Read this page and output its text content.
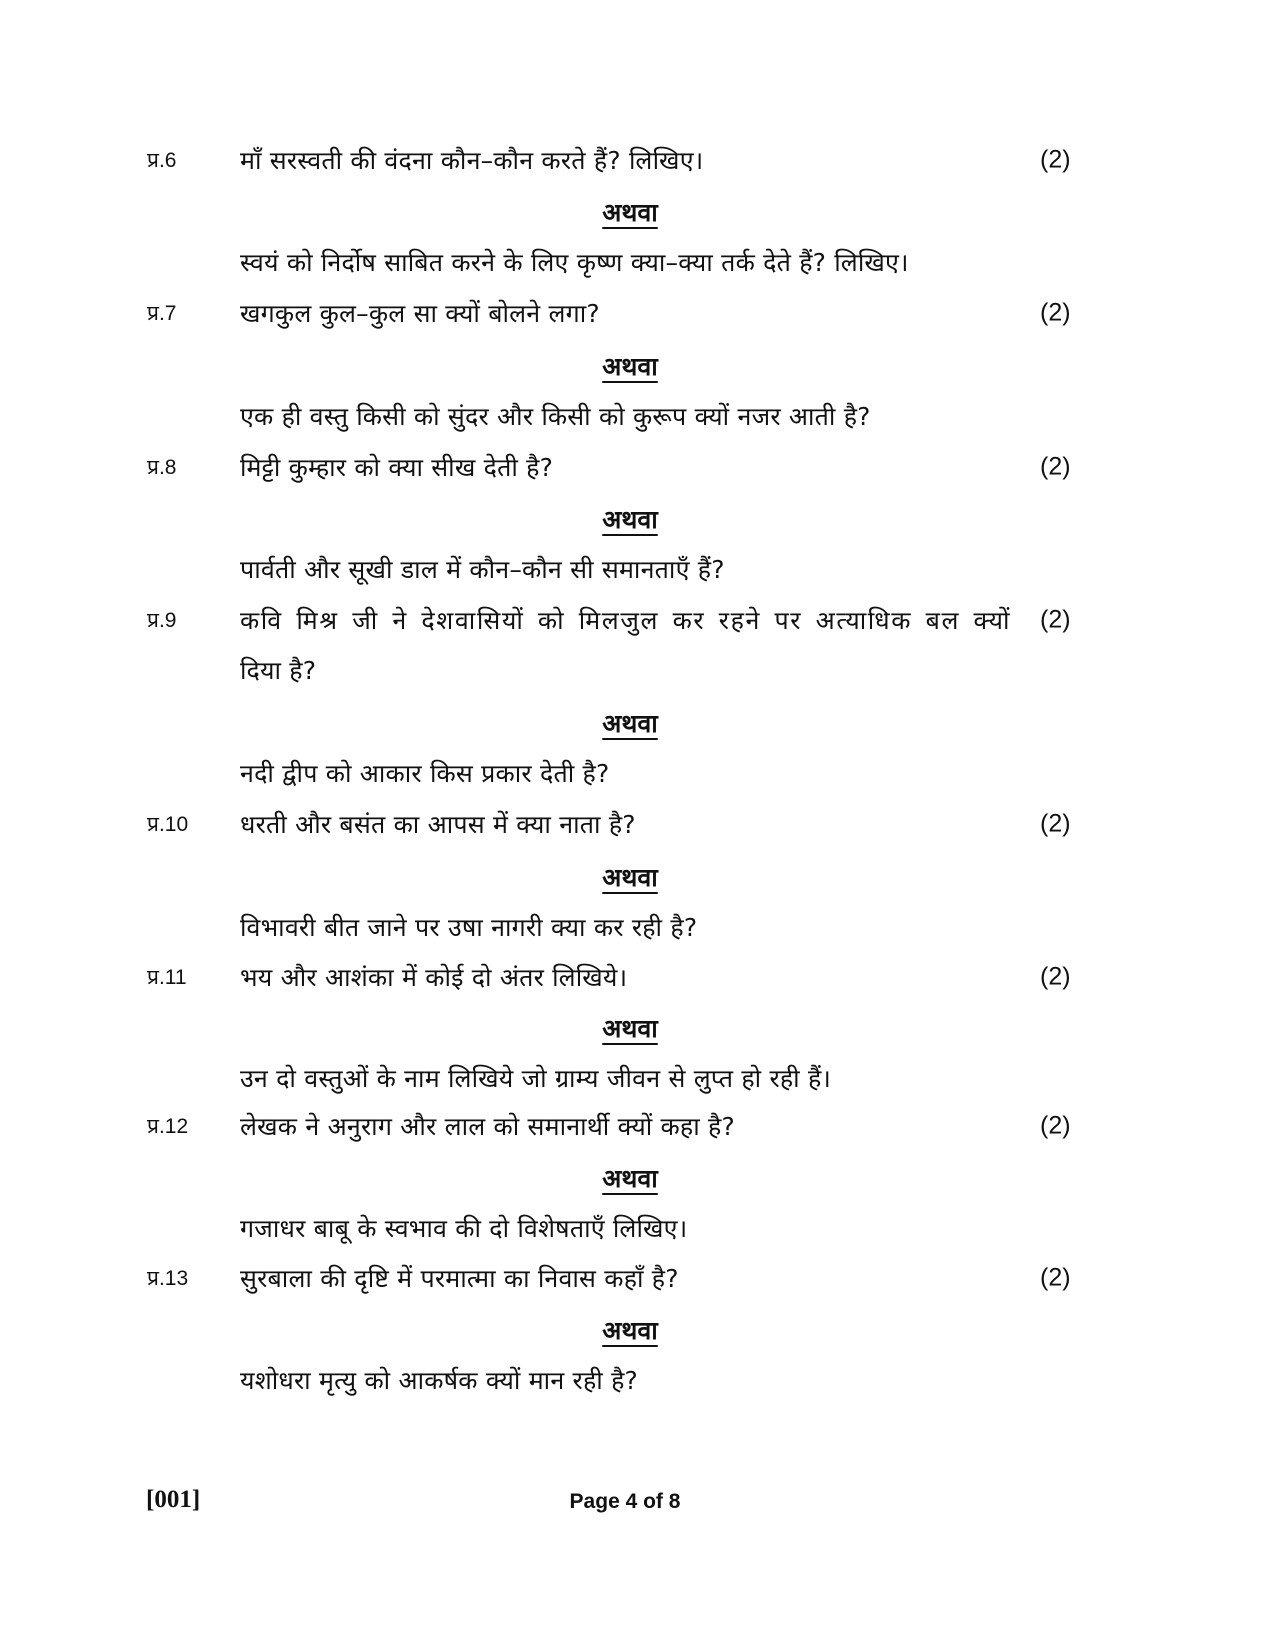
प्र.6	माँ सरस्वती की वंदना कौन–कौन करते हैं? लिखिए।	(2)
अथवा
स्वयं को निर्दोष साबित करने के लिए कृष्ण क्या–क्या तर्क देते हैं? लिखिए।
प्र.7	खगकुल कुल–कुल सा क्यों बोलने लगा?	(2)
अथवा
एक ही वस्तु किसी को सुंदर और किसी को कुरूप क्यों नजर आती है?
प्र.8	मिट्टी कुम्हार को क्या सीख देती है?	(2)
अथवा
पार्वती और सूखी डाल में कौन–कौन सी समानताएँ हैं?
प्र.9	कवि मिश्र जी ने देशवासियों को मिलजुल कर रहने पर अत्याधिक बल क्यों (2)
दिया है?
अथवा
नदी द्वीप को आकार किस प्रकार देती है?
प्र.10 धरती और बसंत का आपस में क्या नाता है?	(2)
अथवा
विभावरी बीत जाने पर उषा नागरी क्या कर रही है?
प्र.11 भय और आशंका में कोई दो अंतर लिखिये।	(2)
अथवा
उन दो वस्तुओं के नाम लिखिये जो ग्राम्य जीवन से लुप्त हो रही हैं।
प्र.12 लेखक ने अनुराग और लाल को समानार्थी क्यों कहा है?	(2)
अथवा
गजाधर बाबू के स्वभाव की दो विशेषताएँ लिखिए।
प्र.13 सुरबाला की दृष्टि में परमात्मा का निवास कहाँ है?	(2)
अथवा
यशोधरा मृत्यु को आकर्षक क्यों मान रही है?
[001]	Page 4 of 8
